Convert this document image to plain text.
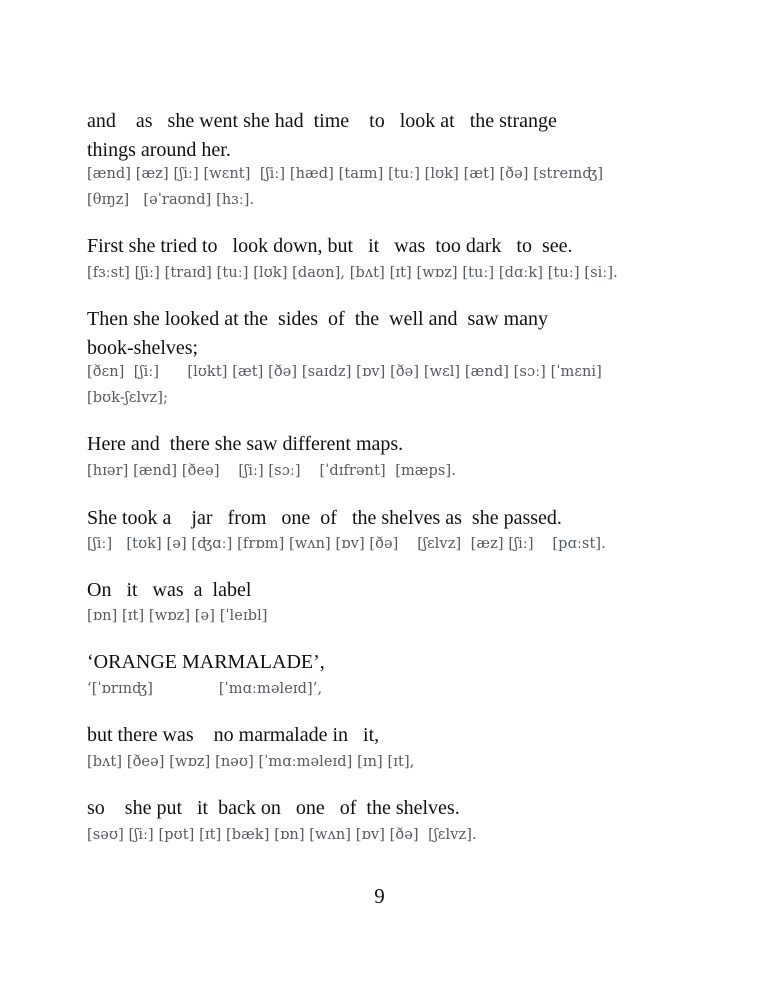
and    as   she went she had  time    to   look at   the strange
things around her.
[ænd] [æz] [ʃiː] [wɛnt]  [ʃiː] [hæd] [taɪm] [tuː] [lʊk] [æt] [ðə] [streɪnʤ]
[θɪŋz]   [əˈraʊnd] [hɜː].
First she tried to   look down, but   it   was  too dark   to  see.
[fɜːst] [ʃiː] [traɪd] [tuː] [lʊk] [daʊn], [bʌt] [ɪt] [wɒz] [tuː] [dɑːk] [tuː] [siː].
Then she looked at the  sides  of  the  well and  saw many
book-shelves;
[ðɛn]  [ʃiː]      [lʊkt] [æt] [ðə] [saɪdz] [ɒv] [ðə] [wɛl] [ænd] [sɔː] [ˈmɛni]
[bʊk-ʃɛlvz];
Here and  there she saw different maps.
[hɪər] [ænd] [ðeə]    [ʃiː] [sɔː]    [ˈdɪfrənt]  [mæps].
She took a    jar   from   one  of   the shelves as  she passed.
[ʃiː]   [tʊk] [ə] [ʤɑː] [frɒm] [wʌn] [ɒv] [ðə]    [ʃɛlvz]  [æz] [ʃiː]    [pɑːst].
On   it   was  a  label
[ɒn] [ɪt] [wɒz] [ə] [ˈleɪbl]
‘ORANGE MARMALADE’,
‘[ˈɒrɪnʤ]              [ˈmɑːməleɪd]’,
but there was    no marmalade in   it,
[bʌt] [ðeə] [wɒz] [nəʊ] [ˈmɑːməleɪd] [ɪn] [ɪt],
so    she put   it  back on   one   of  the shelves.
[səʊ] [ʃiː] [pʊt] [ɪt] [bæk] [ɒn] [wʌn] [ɒv] [ðə]  [ʃɛlvz].
9
